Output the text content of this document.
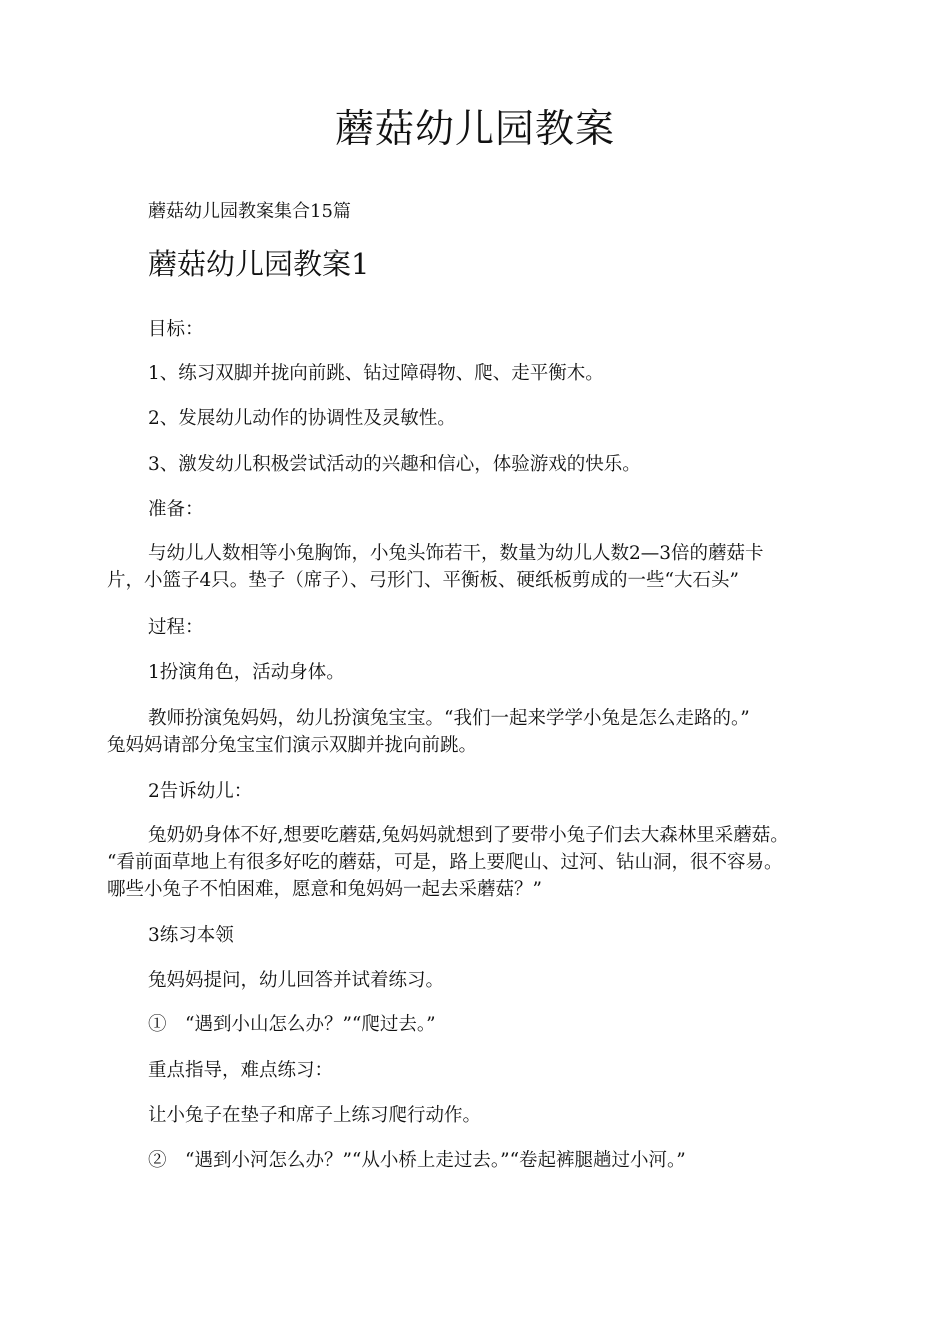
蘑菇幼儿园教案

蘑菇幼儿园教案集合15篇

蘑菇幼儿园教案1

目标：

1、练习双脚并拢向前跳、钻过障碍物、爬、走平衡木。

2、发展幼儿动作的协调性及灵敏性。

3、激发幼儿积极尝试活动的兴趣和信心，体验游戏的快乐。

准备：

与幼儿人数相等小兔胸饰，小兔头饰若干，数量为幼儿人数2—3倍的蘑菇卡
片，小篮子4只。垫子（席子）、弓形门、平衡板、硬纸板剪成的一些“大石头”

过程：

1扮演角色，活动身体。

教师扮演兔妈妈，幼儿扮演兔宝宝。“我们一起来学学小兔是怎么走路的。”
兔妈妈请部分兔宝宝们演示双脚并拢向前跳。

2告诉幼儿：

兔奶奶身体不好,想要吃蘑菇,兔妈妈就想到了要带小兔子们去大森林里采蘑菇。
“看前面草地上有很多好吃的蘑菇，可是，路上要爬山、过河、钻山洞，很不容易。
哪些小兔子不怕困难，愿意和兔妈妈一起去采蘑菇？”

3练习本领

兔妈妈提问，幼儿回答并试着练习。

①　“遇到小山怎么办？”“爬过去。”

重点指导，难点练习：

让小兔子在垫子和席子上练习爬行动作。

②　“遇到小河怎么办？”“从小桥上走过去。”“卷起裤腿趟过小河。”
